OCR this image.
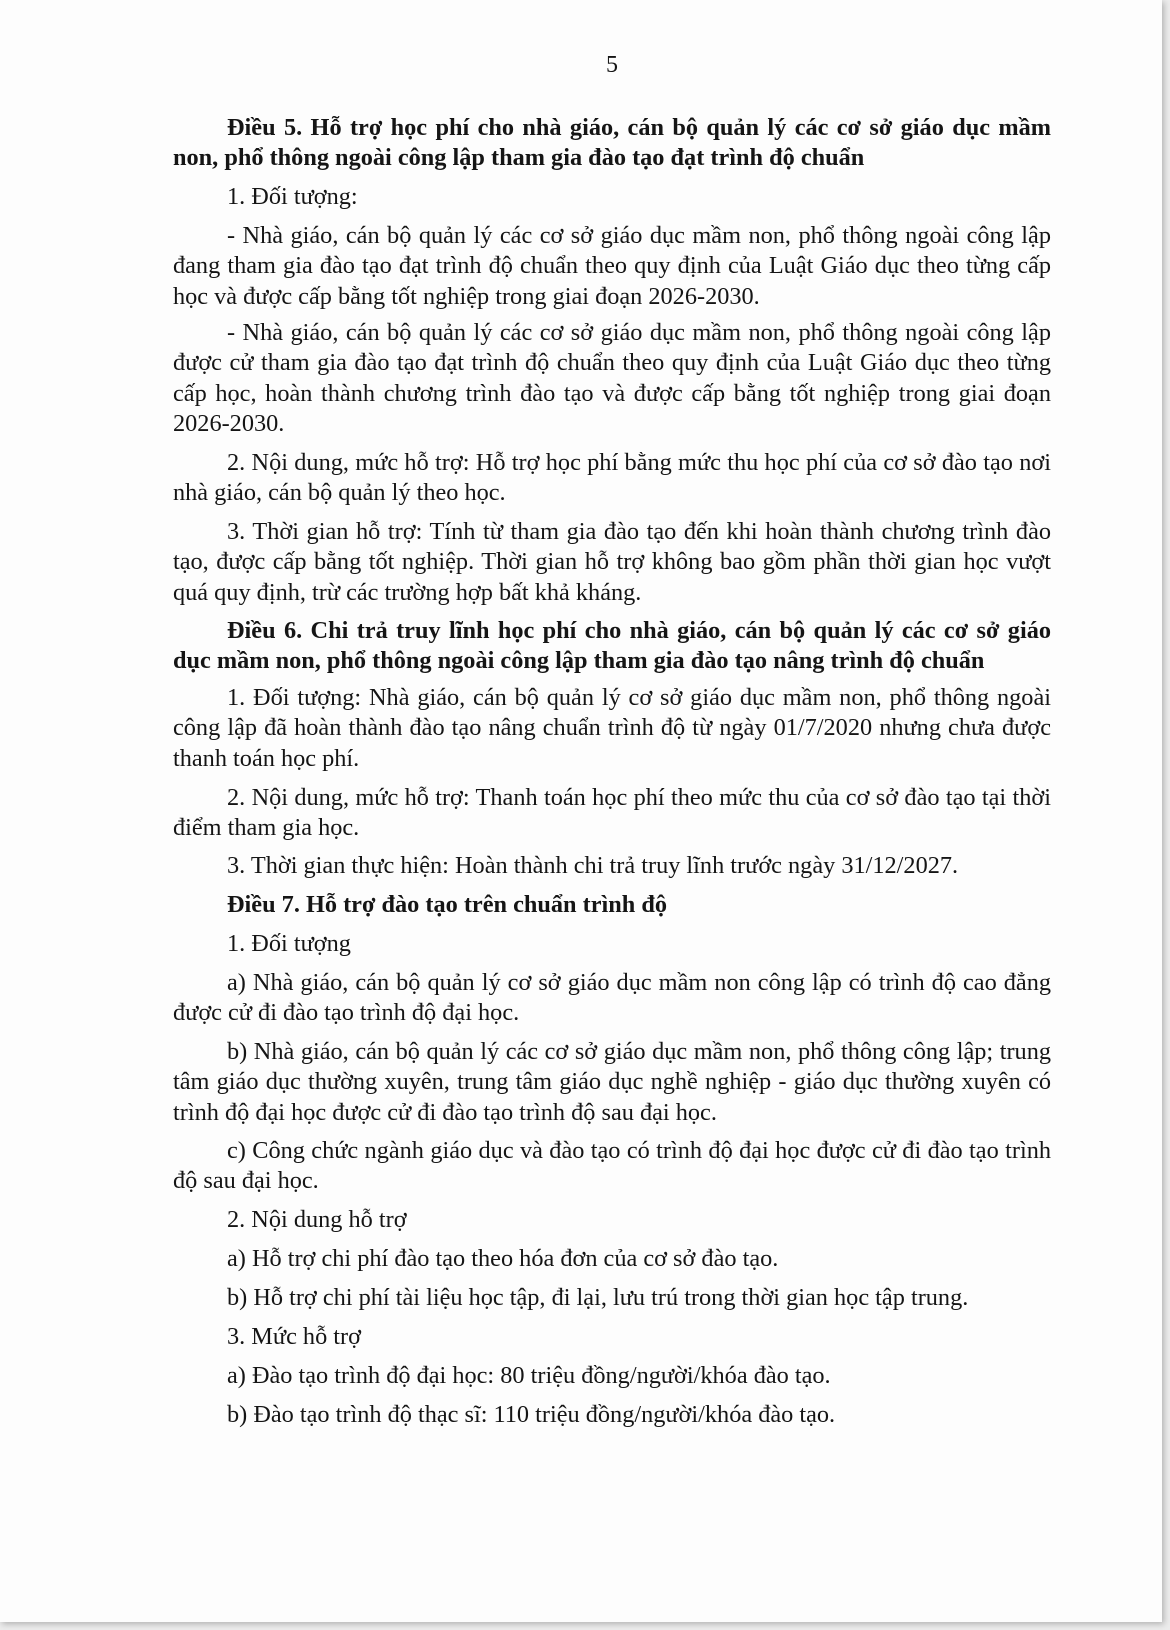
5

Điều 5. Hỗ trợ học phí cho nhà giáo, cán bộ quản lý các cơ sở giáo dục mầm non, phổ thông ngoài công lập tham gia đào tạo đạt trình độ chuẩn

1. Đối tượng:

- Nhà giáo, cán bộ quản lý các cơ sở giáo dục mầm non, phổ thông ngoài công lập đang tham gia đào tạo đạt trình độ chuẩn theo quy định của Luật Giáo dục theo từng cấp học và được cấp bằng tốt nghiệp trong giai đoạn 2026-2030.

- Nhà giáo, cán bộ quản lý các cơ sở giáo dục mầm non, phổ thông ngoài công lập được cử tham gia đào tạo đạt trình độ chuẩn theo quy định của Luật Giáo dục theo từng cấp học, hoàn thành chương trình đào tạo và được cấp bằng tốt nghiệp trong giai đoạn 2026-2030.

2. Nội dung, mức hỗ trợ: Hỗ trợ học phí bằng mức thu học phí của cơ sở đào tạo nơi nhà giáo, cán bộ quản lý theo học.

3. Thời gian hỗ trợ: Tính từ tham gia đào tạo đến khi hoàn thành chương trình đào tạo, được cấp bằng tốt nghiệp. Thời gian hỗ trợ không bao gồm phần thời gian học vượt quá quy định, trừ các trường hợp bất khả kháng.

Điều 6. Chi trả truy lĩnh học phí cho nhà giáo, cán bộ quản lý các cơ sở giáo dục mầm non, phổ thông ngoài công lập tham gia đào tạo nâng trình độ chuẩn

1. Đối tượng: Nhà giáo, cán bộ quản lý cơ sở giáo dục mầm non, phổ thông ngoài công lập đã hoàn thành đào tạo nâng chuẩn trình độ từ ngày 01/7/2020 nhưng chưa được thanh toán học phí.

2. Nội dung, mức hỗ trợ: Thanh toán học phí theo mức thu của cơ sở đào tạo tại thời điểm tham gia học.

3. Thời gian thực hiện: Hoàn thành chi trả truy lĩnh trước ngày 31/12/2027.

Điều 7. Hỗ trợ đào tạo trên chuẩn trình độ

1. Đối tượng

a) Nhà giáo, cán bộ quản lý cơ sở giáo dục mầm non công lập có trình độ cao đẳng được cử đi đào tạo trình độ đại học.

b) Nhà giáo, cán bộ quản lý các cơ sở giáo dục mầm non, phổ thông công lập; trung tâm giáo dục thường xuyên, trung tâm giáo dục nghề nghiệp - giáo dục thường xuyên có trình độ đại học được cử đi đào tạo trình độ sau đại học.

c) Công chức ngành giáo dục và đào tạo có trình độ đại học được cử đi đào tạo trình độ sau đại học.

2. Nội dung hỗ trợ

a) Hỗ trợ chi phí đào tạo theo hóa đơn của cơ sở đào tạo.

b) Hỗ trợ chi phí tài liệu học tập, đi lại, lưu trú trong thời gian học tập trung.

3. Mức hỗ trợ

a) Đào tạo trình độ đại học: 80 triệu đồng/người/khóa đào tạo.

b) Đào tạo trình độ thạc sĩ: 110 triệu đồng/người/khóa đào tạo.
